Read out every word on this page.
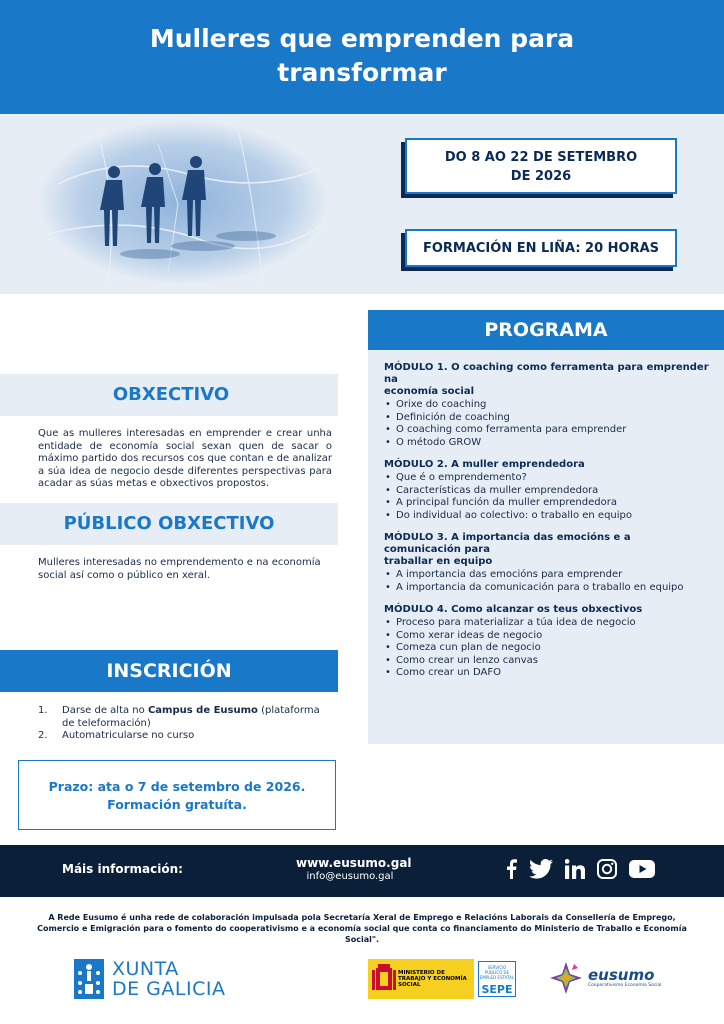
Mulleres que emprenden para
transformar
DO 8 AO 22 DE SETEMBRO
DE 2026
FORMACIÓN EN LIÑA: 20 HORAS
PROGRAMA
MÓDULO 1. O coaching como ferramenta para emprender na
economía social
• Orixe do coaching
• Definición de coaching
• O coaching como ferramenta para emprender
• O método GROW
MÓDULO 2. A muller emprendedora
• Que é o emprendemento?
• Características da muller emprendedora
• A principal función da muller emprendedora
• Do individual ao colectivo: o traballo en equipo
MÓDULO 3. A importancia das emocións e a comunicación para
traballar en equipo
• A importancia das emocións para emprender
• A importancia da comunicación para o traballo en equipo
MÓDULO 4. Como alcanzar os teus obxectivos
• Proceso para materializar a túa idea de negocio
• Como xerar ideas de negocio
• Comeza cun plan de negocio
• Como crear un lenzo canvas
• Como crear un DAFO
OBXECTIVO
Que as mulleres interesadas en emprender e crear unha entidade de economía social sexan quen de sacar o máximo partido dos recursos cos que contan e de analizar a súa idea de negocio desde diferentes perspectivas para acadar as súas metas e obxectivos propostos.
PÚBLICO OBXECTIVO
Mulleres interesadas no emprendemento e na economía social así como o público en xeral.
INSCRICIÓN
1. Darse de alta no Campus de Eusumo (plataforma de teleformación)
2. Automatricularse no curso
Prazo: ata o 7 de setembro de 2026.
Formación gratuíta.
Máis información:	www.eusumo.gal
info@eusumo.gal
A Rede Eusumo é unha rede de colaboración impulsada pola Secretaría Xeral de Emprego e Relacións Laborais da Consellería de Emprego, Comercio e Emigración para o fomento do cooperativismo e a economía social que conta co financiamento do Ministerio de Traballo e Economía Social".
XUNTA
DE GALICIA
MINISTERIO DE TRABAJO Y ECONOMÍA SOCIAL
SERVICIO PÚBLICO DE EMPLEO ESTATAL
SEPE
eusumo
Cooperativismo Economía Social
